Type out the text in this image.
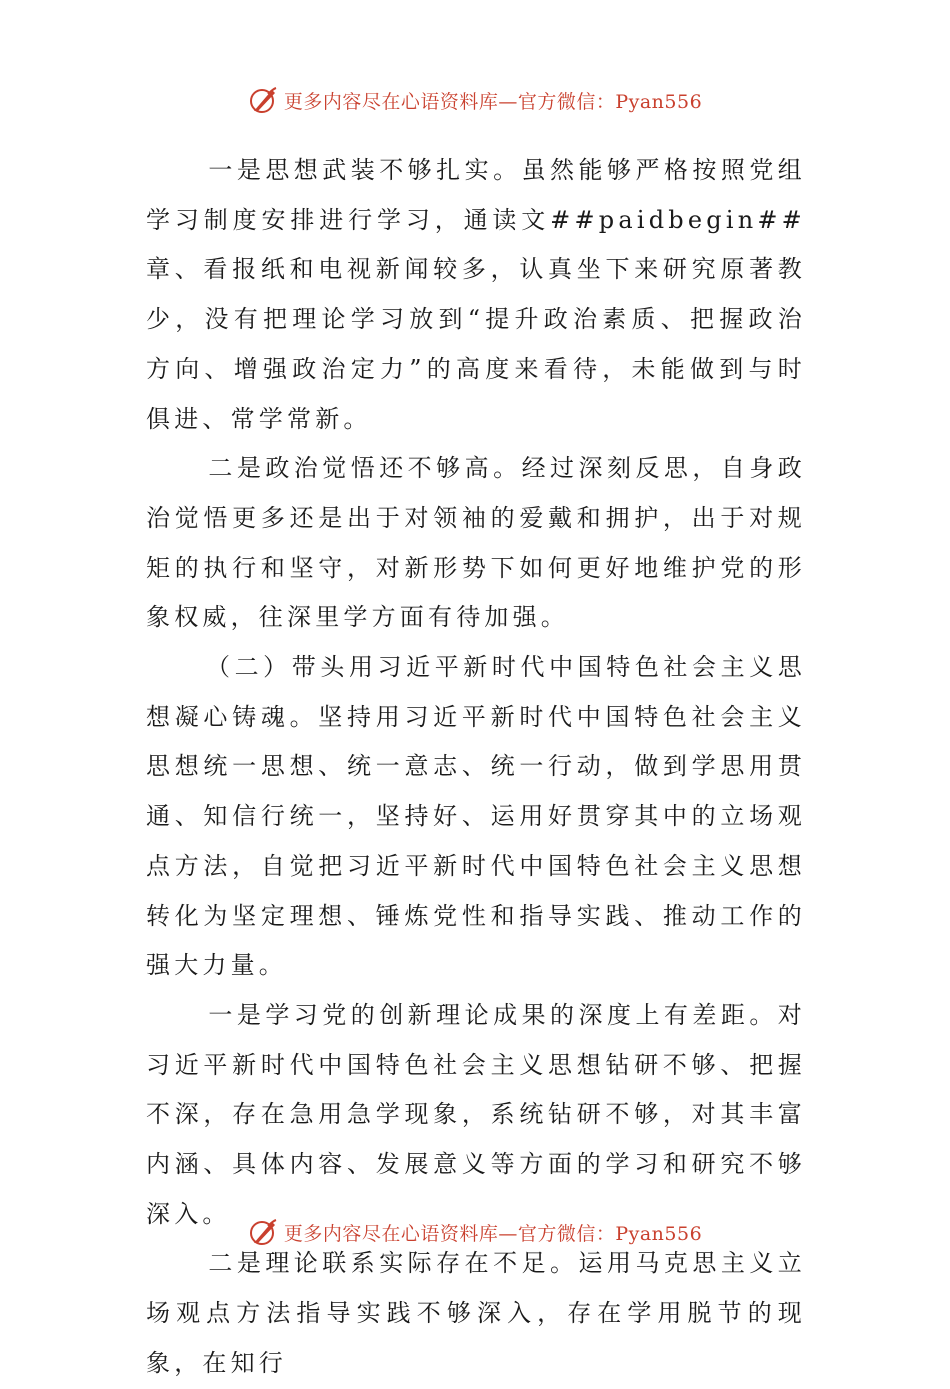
更多内容尽在心语资料库—官方微信：Pyan556

一是思想武装不够扎实。虽然能够严格按照党组学习制度安排进行学习，通读文##paidbegin##章、看报纸和电视新闻较多，认真坐下来研究原著教少，没有把理论学习放到“提升政治素质、把握政治方向、增强政治定力”的高度来看待，未能做到与时俱进、常学常新。

二是政治觉悟还不够高。经过深刻反思，自身政治觉悟更多还是出于对领袖的爱戴和拥护，出于对规矩的执行和坚守，对新形势下如何更好地维护党的形象权威，往深里学方面有待加强。

（二）带头用习近平新时代中国特色社会主义思想凝心铸魂。坚持用习近平新时代中国特色社会主义思想统一思想、统一意志、统一行动，做到学思用贯通、知信行统一，坚持好、运用好贯穿其中的立场观点方法，自觉把习近平新时代中国特色社会主义思想转化为坚定理想、锤炼党性和指导实践、推动工作的强大力量。

一是学习党的创新理论成果的深度上有差距。对习近平新时代中国特色社会主义思想钻研不够、把握不深，存在急用急学现象，系统钻研不够，对其丰富内涵、具体内容、发展意义等方面的学习和研究不够深入。

二是理论联系实际存在不足。运用马克思主义立场观点方法指导实践不够深入，存在学用脱节的现象，在知行

更多内容尽在心语资料库—官方微信：Pyan556
